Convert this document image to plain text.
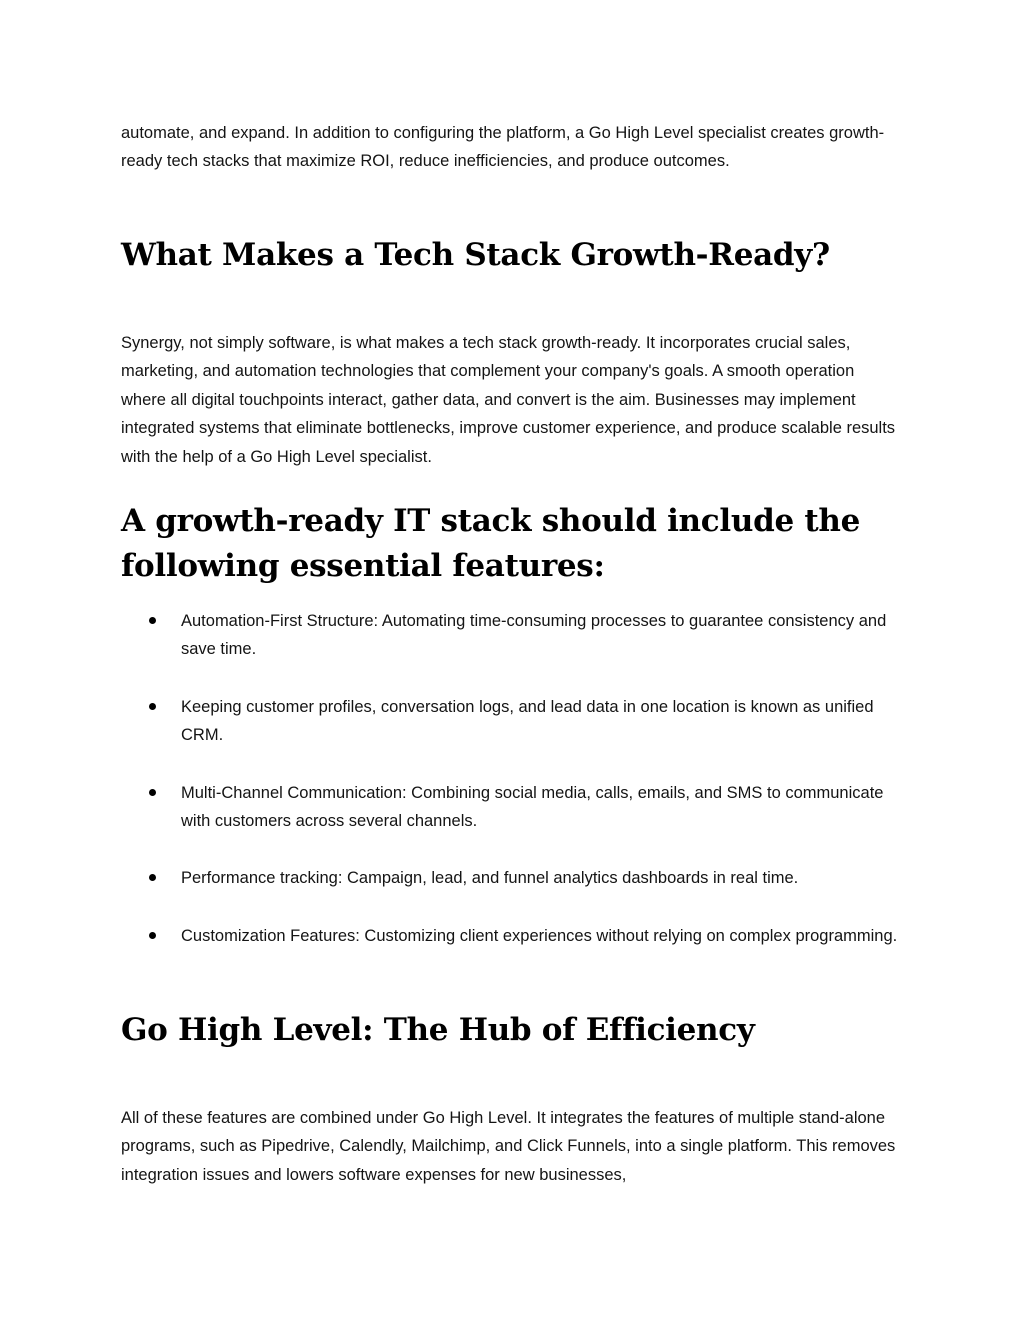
automate, and expand. In addition to configuring the platform, a Go High Level specialist creates growth-ready tech stacks that maximize ROI, reduce inefficiencies, and produce outcomes.

What Makes a Tech Stack Growth-Ready?

Synergy, not simply software, is what makes a tech stack growth-ready. It incorporates crucial sales, marketing, and automation technologies that complement your company's goals. A smooth operation where all digital touchpoints interact, gather data, and convert is the aim. Businesses may implement integrated systems that eliminate bottlenecks, improve customer experience, and produce scalable results with the help of a Go High Level specialist.

A growth-ready IT stack should include the following essential features:
Automation-First Structure: Automating time-consuming processes to guarantee consistency and save time.
Keeping customer profiles, conversation logs, and lead data in one location is known as unified CRM.
Multi-Channel Communication: Combining social media, calls, emails, and SMS to communicate with customers across several channels.
Performance tracking: Campaign, lead, and funnel analytics dashboards in real time.
Customization Features: Customizing client experiences without relying on complex programming.
Go High Level: The Hub of Efficiency

All of these features are combined under Go High Level. It integrates the features of multiple stand-alone programs, such as Pipedrive, Calendly, Mailchimp, and Click Funnels, into a single platform. This removes integration issues and lowers software expenses for new businesses,
